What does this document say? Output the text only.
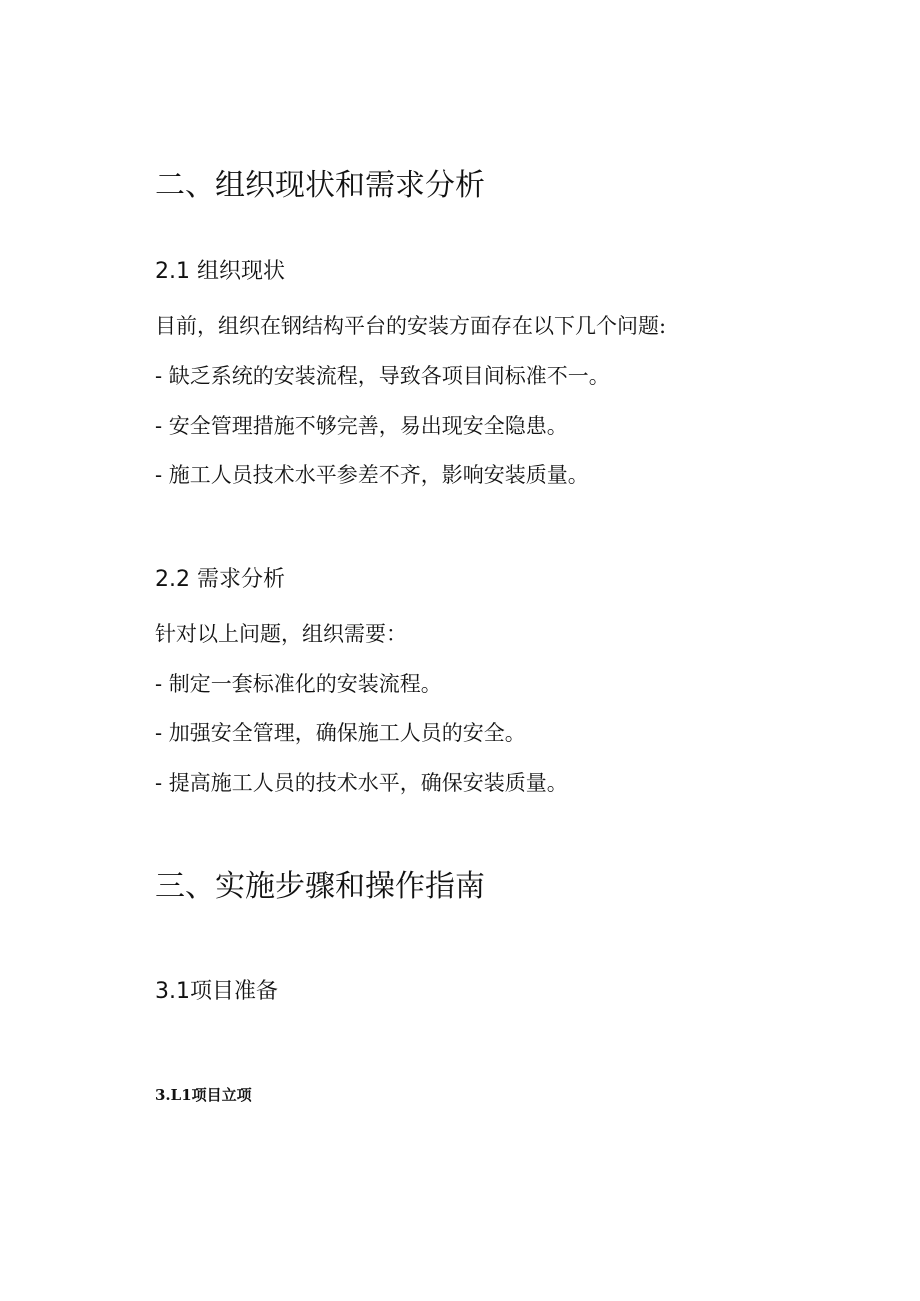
二、组织现状和需求分析
2.1 组织现状
目前，组织在钢结构平台的安装方面存在以下几个问题:
- 缺乏系统的安装流程，导致各项目间标准不一。
- 安全管理措施不够完善，易出现安全隐患。
- 施工人员技术水平参差不齐，影响安装质量。
2.2 需求分析
针对以上问题，组织需要：
- 制定一套标准化的安装流程。
- 加强安全管理，确保施工人员的安全。
- 提高施工人员的技术水平，确保安装质量。
三、实施步骤和操作指南
3.1项目准备
3.L1项目立项
